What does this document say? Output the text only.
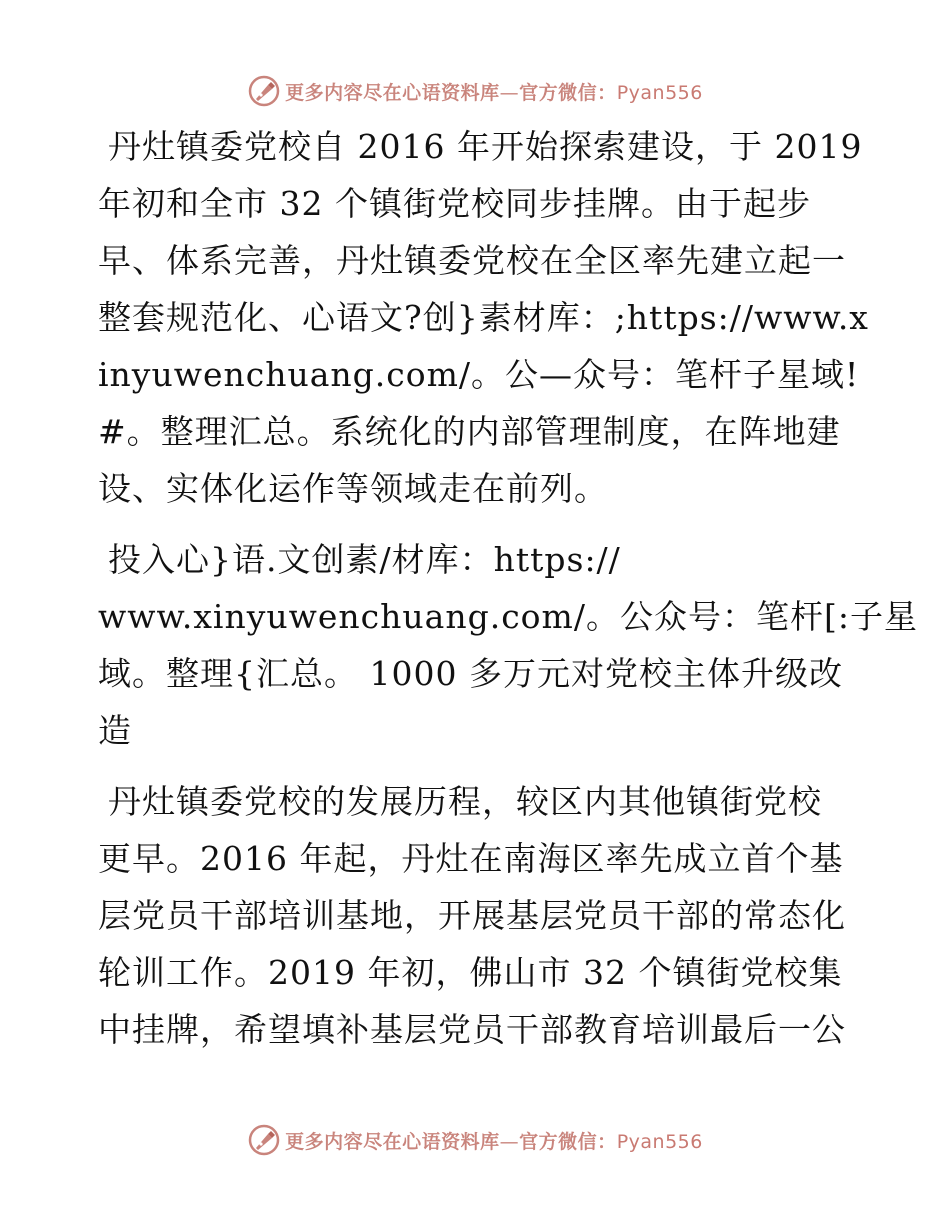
更多内容尽在心语资料库—官方微信：Pyan556
丹灶镇委党校自 2016 年开始探索建设，于 2019
年初和全市 32 个镇街党校同步挂牌。由于起步
早、体系完善，丹灶镇委党校在全区率先建立起一
整套规范化、心语文?创}素材库：;https://www.x
inyuwenchuang.com/。公—众号：笔杆子星域!
#。整理汇总。系统化的内部管理制度，在阵地建
设、实体化运作等领域走在前列。
投入心}语.文创素/材库：https://
www.xinyuwenchuang.com/。公众号：笔杆[:子星
域。整理{汇总。 1000 多万元对党校主体升级改
造
丹灶镇委党校的发展历程，较区内其他镇街党校
更早。2016 年起，丹灶在南海区率先成立首个基
层党员干部培训基地，开展基层党员干部的常态化
轮训工作。2019 年初，佛山市 32 个镇街党校集
中挂牌，希望填补基层党员干部教育培训最后一公
更多内容尽在心语资料库—官方微信：Pyan556
